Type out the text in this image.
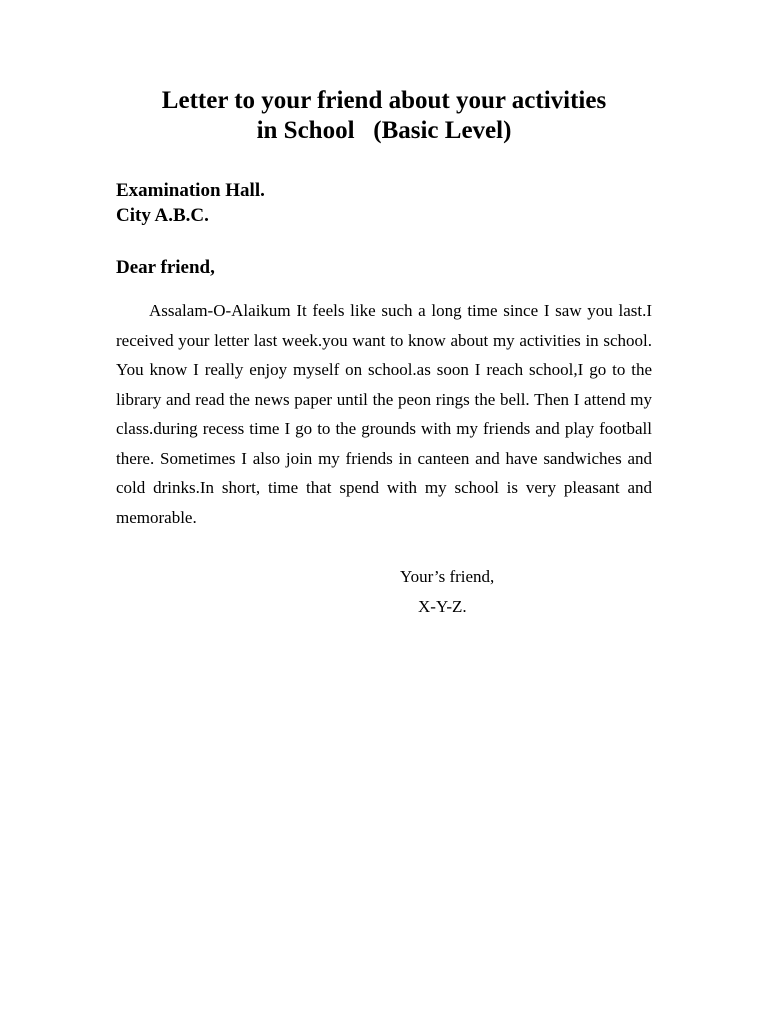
Letter to your friend about your activities
in School   (Basic Level)
Examination Hall.
City A.B.C.
Dear friend,

Assalam-O-Alaikum It feels like such a long time since I saw you last.I received your letter last week.you want to know about my activities in school. You know I really enjoy myself on school.as soon I reach school,I go to the library and read the news paper until the peon rings the bell. Then I attend my class.during recess time I go to the grounds with my friends and play football there. Sometimes I also join my friends in canteen and have sandwiches and cold drinks.In short, time that spend with my school is very pleasant and memorable.

Your’s friend,
X-Y-Z.
